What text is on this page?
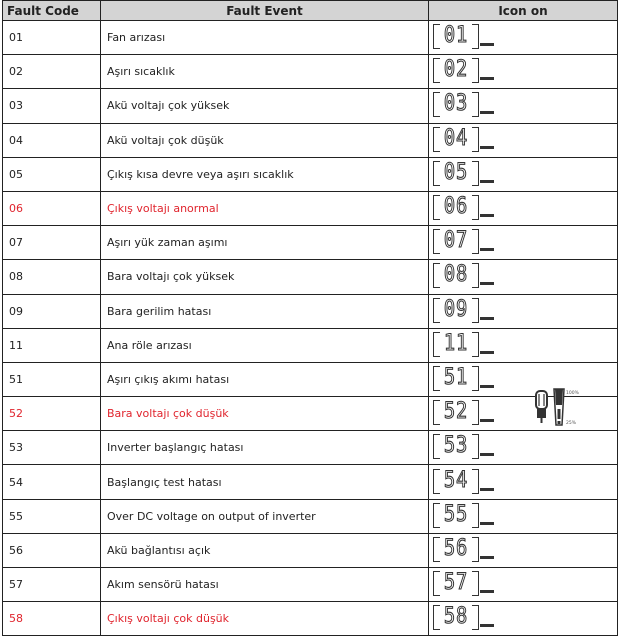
Fault Code	Fault Event	Icon on
01	Fan arızası	01

02	Aşırı sıcaklık	02

03	Akü voltajı çok yüksek	03

04	Akü voltajı çok düşük	04

05	Çıkış kısa devre veya aşırı sıcaklık	05

06	Çıkış voltajı anormal	06

07	Aşırı yük zaman aşımı	07

08	Bara voltajı çok yüksek	08

09	Bara gerilim hatası	09

11	Ana röle arızası	11

51	Aşırı çıkış akımı hatası	51

52	Bara voltajı çok düşük	52
100%
25%

53	Inverter başlangıç hatası	53

54	Başlangıç test hatası	54

55	Over DC voltage on output of inverter	55

56	Akü bağlantısı açık	56

57	Akım sensörü hatası	57

58	Çıkış voltajı çok düşük	58
